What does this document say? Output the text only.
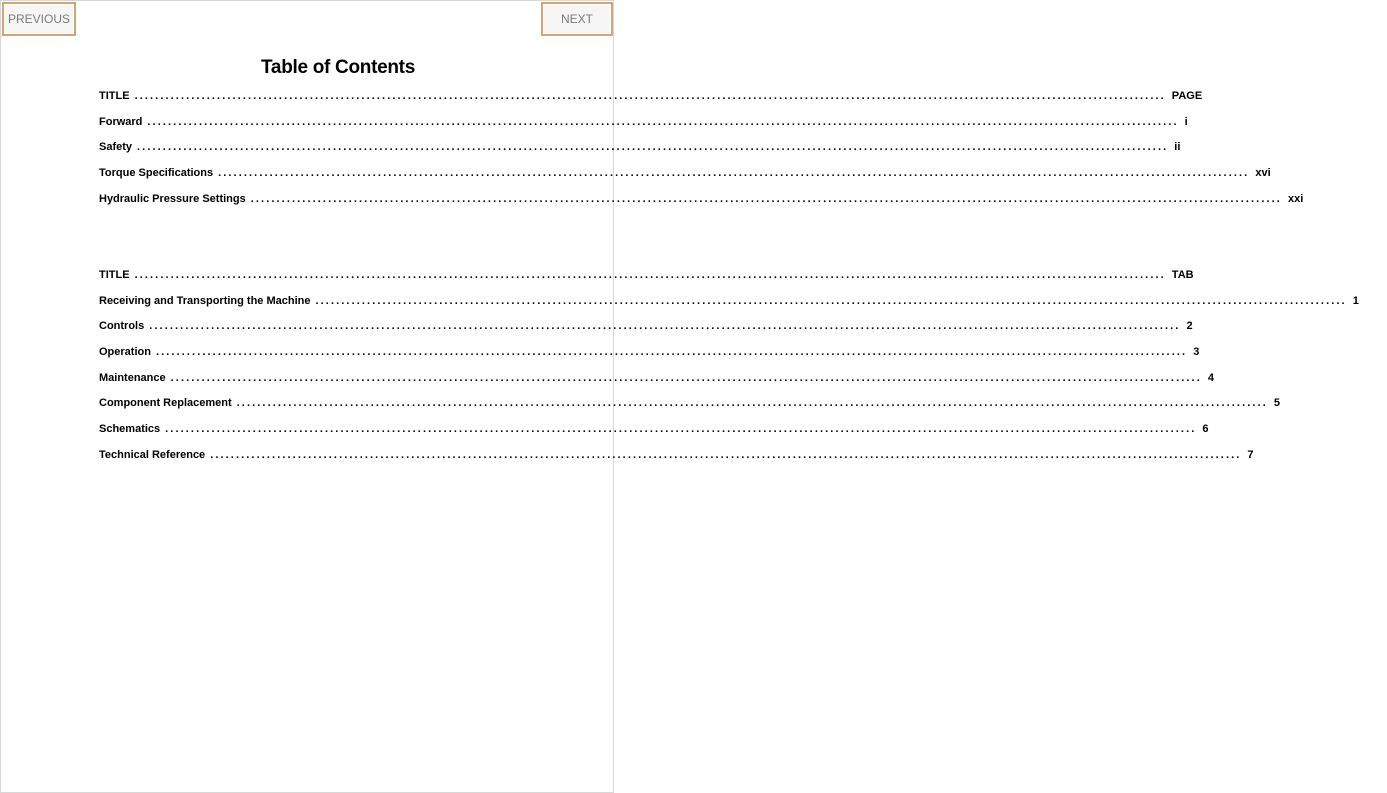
PREVIOUS	NEXT
Table of Contents
TITLE ........................................................................................................................................................................................................ PAGE
Forward ........................................................................................................................................................................................................ i
Safety ........................................................................................................................................................................................................ ii
Torque Specifications ........................................................................................................................................................................................................ xvi
Hydraulic Pressure Settings ........................................................................................................................................................................................................ xxi
TITLE ........................................................................................................................................................................................................ TAB
Receiving and Transporting the Machine ........................................................................................................................................................................................................ 1
Controls ........................................................................................................................................................................................................ 2
Operation ........................................................................................................................................................................................................ 3
Maintenance ........................................................................................................................................................................................................ 4
Component Replacement ........................................................................................................................................................................................................ 5
Schematics ........................................................................................................................................................................................................ 6
Technical Reference ........................................................................................................................................................................................................ 7
